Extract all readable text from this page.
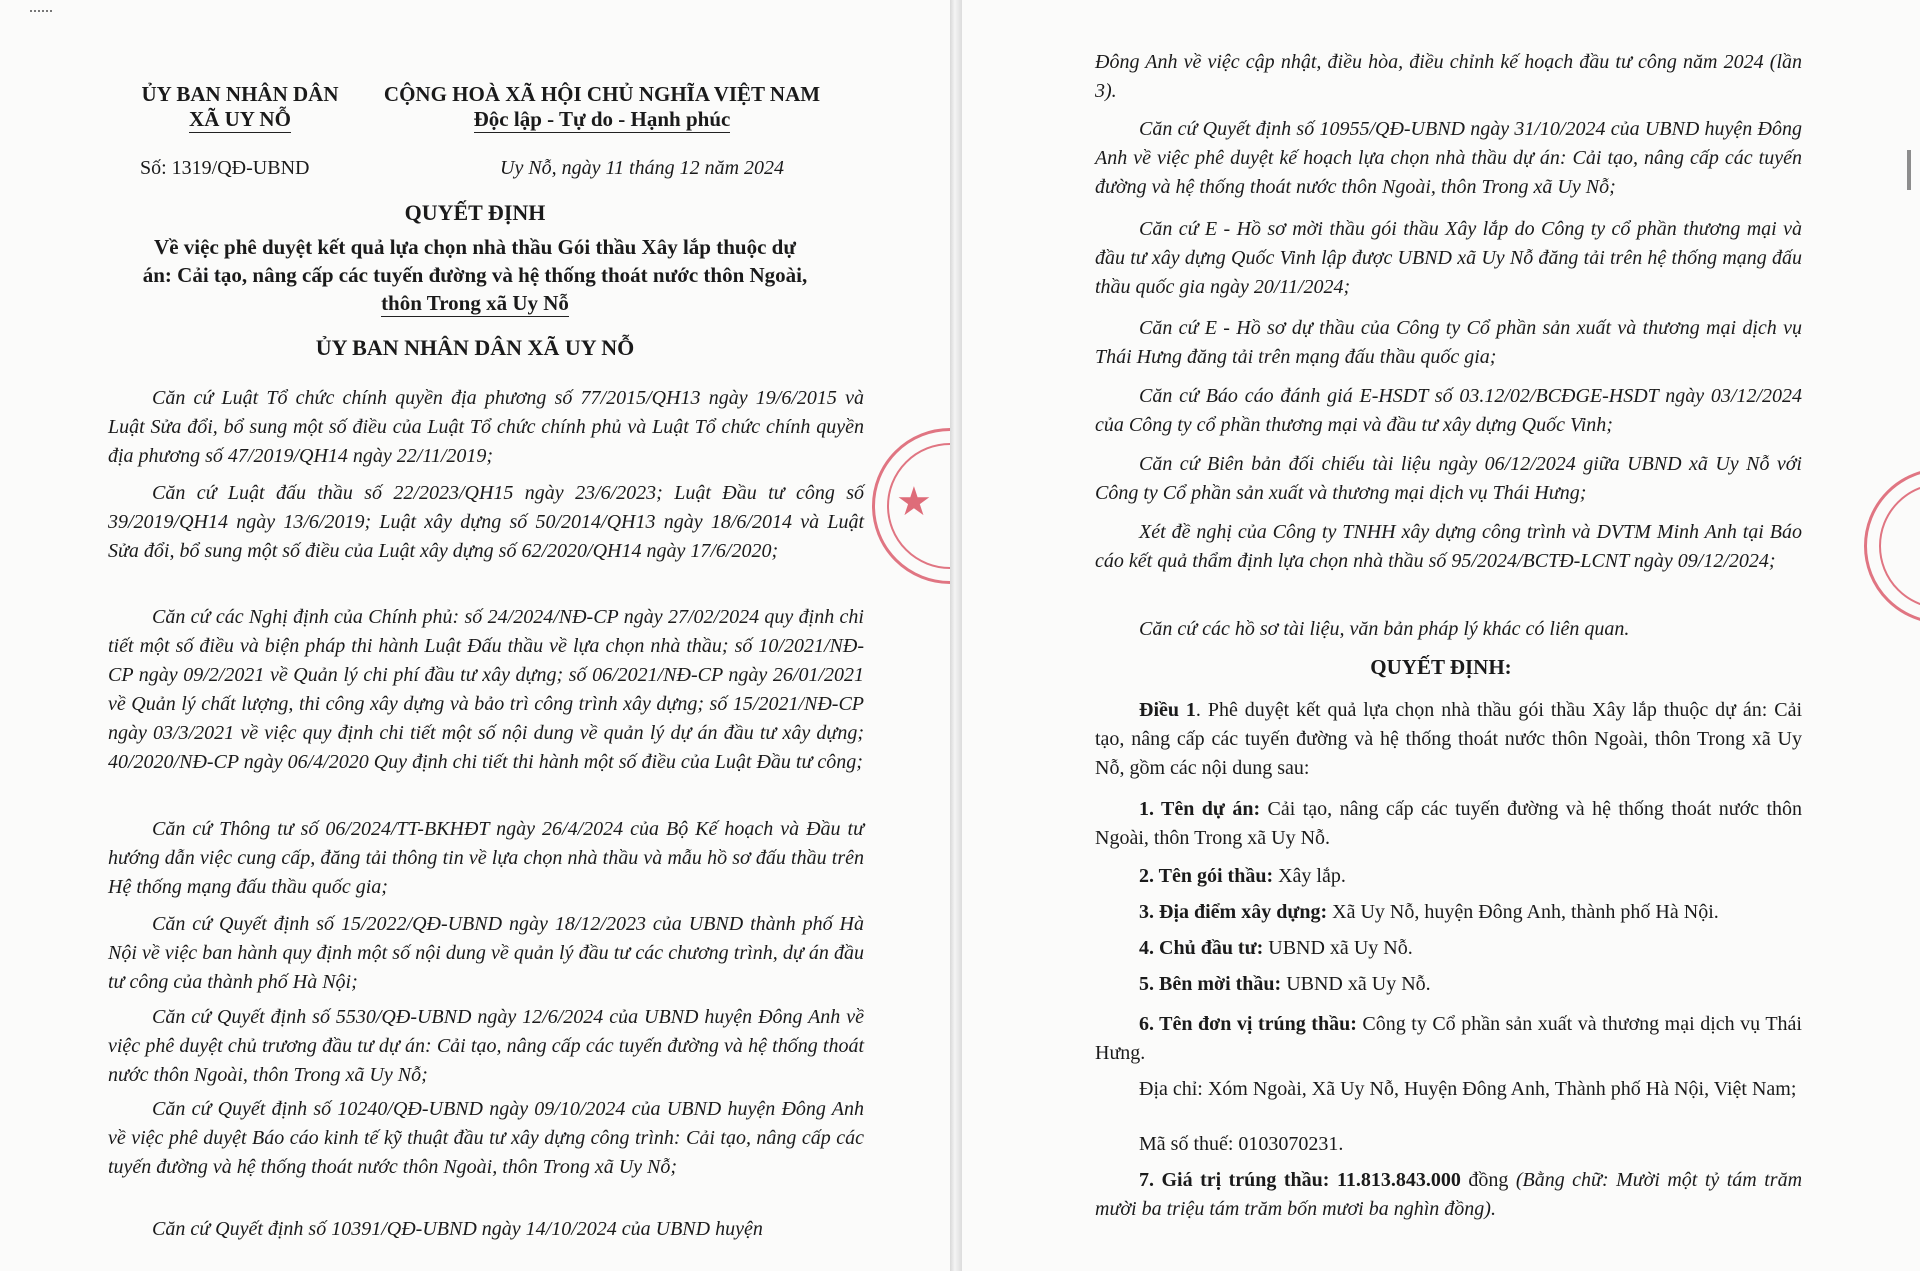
ỦY BAN NHÂN DÂN
XÃ UY NỖ
CỘNG HOÀ XÃ HỘI CHỦ NGHĨA VIỆT NAM
Độc lập - Tự do - Hạnh phúc
Số: 1319/QĐ-UBND	Uy Nỗ, ngày 11 tháng 12 năm 2024
QUYẾT ĐỊNH
Về việc phê duyệt kết quả lựa chọn nhà thầu Gói thầu Xây lắp thuộc dự
án: Cải tạo, nâng cấp các tuyến đường và hệ thống thoát nước thôn Ngoài,
thôn Trong xã Uy Nỗ
ỦY BAN NHÂN DÂN XÃ UY NỖ
Căn cứ Luật Tổ chức chính quyền địa phương số 77/2015/QH13 ngày 19/6/2015 và Luật Sửa đổi, bổ sung một số điều của Luật Tổ chức chính phủ và Luật Tổ chức chính quyền địa phương số 47/2019/QH14 ngày 22/11/2019;
Căn cứ Luật đấu thầu số 22/2023/QH15 ngày 23/6/2023; Luật Đầu tư công số 39/2019/QH14 ngày 13/6/2019; Luật xây dựng số 50/2014/QH13 ngày 18/6/2014 và Luật Sửa đổi, bổ sung một số điều của Luật xây dựng số 62/2020/QH14 ngày 17/6/2020;
Căn cứ các Nghị định của Chính phủ: số 24/2024/NĐ-CP ngày 27/02/2024 quy định chi tiết một số điều và biện pháp thi hành Luật Đấu thầu về lựa chọn nhà thầu; số 10/2021/NĐ-CP ngày 09/2/2021 về Quản lý chi phí đầu tư xây dựng; số 06/2021/NĐ-CP ngày 26/01/2021 về Quản lý chất lượng, thi công xây dựng và bảo trì công trình xây dựng; số 15/2021/NĐ-CP ngày 03/3/2021 về việc quy định chi tiết một số nội dung về quản lý dự án đầu tư xây dựng; 40/2020/NĐ-CP ngày 06/4/2020 Quy định chi tiết thi hành một số điều của Luật Đầu tư công;
Căn cứ Thông tư số 06/2024/TT-BKHĐT ngày 26/4/2024 của Bộ Kế hoạch và Đầu tư hướng dẫn việc cung cấp, đăng tải thông tin về lựa chọn nhà thầu và mẫu hồ sơ đấu thầu trên Hệ thống mạng đấu thầu quốc gia;
Căn cứ Quyết định số 15/2022/QĐ-UBND ngày 18/12/2023 của UBND thành phố Hà Nội về việc ban hành quy định một số nội dung về quản lý đầu tư các chương trình, dự án đầu tư công của thành phố Hà Nội;
Căn cứ Quyết định số 5530/QĐ-UBND ngày 12/6/2024 của UBND huyện Đông Anh về việc phê duyệt chủ trương đầu tư dự án: Cải tạo, nâng cấp các tuyến đường và hệ thống thoát nước thôn Ngoài, thôn Trong xã Uy Nỗ;
Căn cứ Quyết định số 10240/QĐ-UBND ngày 09/10/2024 của UBND huyện Đông Anh về việc phê duyệt Báo cáo kinh tế kỹ thuật đầu tư xây dựng công trình: Cải tạo, nâng cấp các tuyến đường và hệ thống thoát nước thôn Ngoài, thôn Trong xã Uy Nỗ;
Căn cứ Quyết định số 10391/QĐ-UBND ngày 14/10/2024 của UBND huyện
★
Đông Anh về việc cập nhật, điều hòa, điều chỉnh kế hoạch đầu tư công năm 2024 (lần 3).
Căn cứ Quyết định số 10955/QĐ-UBND ngày 31/10/2024 của UBND huyện Đông Anh về việc phê duyệt kế hoạch lựa chọn nhà thầu dự án: Cải tạo, nâng cấp các tuyến đường và hệ thống thoát nước thôn Ngoài, thôn Trong xã Uy Nỗ;
Căn cứ E - Hồ sơ mời thầu gói thầu Xây lắp do Công ty cổ phần thương mại và đầu tư xây dựng Quốc Vinh lập được UBND xã Uy Nỗ đăng tải trên hệ thống mạng đấu thầu quốc gia ngày 20/11/2024;
Căn cứ E - Hồ sơ dự thầu của Công ty Cổ phần sản xuất và thương mại dịch vụ Thái Hưng đăng tải trên mạng đấu thầu quốc gia;
Căn cứ Báo cáo đánh giá E-HSDT số 03.12/02/BCĐGE-HSDT ngày 03/12/2024 của Công ty cổ phần thương mại và đầu tư xây dựng Quốc Vinh;
Căn cứ Biên bản đối chiếu tài liệu ngày 06/12/2024 giữa UBND xã Uy Nỗ với Công ty Cổ phần sản xuất và thương mại dịch vụ Thái Hưng;
Xét đề nghị của Công ty TNHH xây dựng công trình và DVTM Minh Anh tại Báo cáo kết quả thẩm định lựa chọn nhà thầu số 95/2024/BCTĐ-LCNT ngày 09/12/2024;
Căn cứ các hồ sơ tài liệu, văn bản pháp lý khác có liên quan.
QUYẾT ĐỊNH:
Điều 1. Phê duyệt kết quả lựa chọn nhà thầu gói thầu Xây lắp thuộc dự án: Cải tạo, nâng cấp các tuyến đường và hệ thống thoát nước thôn Ngoài, thôn Trong xã Uy Nỗ, gồm các nội dung sau:
1. Tên dự án: Cải tạo, nâng cấp các tuyến đường và hệ thống thoát nước thôn Ngoài, thôn Trong xã Uy Nỗ.
2. Tên gói thầu: Xây lắp.
3. Địa điểm xây dựng: Xã Uy Nỗ, huyện Đông Anh, thành phố Hà Nội.
4. Chủ đầu tư: UBND xã Uy Nỗ.
5. Bên mời thầu: UBND xã Uy Nỗ.
6. Tên đơn vị trúng thầu: Công ty Cổ phần sản xuất và thương mại dịch vụ Thái Hưng.
Địa chỉ: Xóm Ngoài, Xã Uy Nỗ, Huyện Đông Anh, Thành phố Hà Nội, Việt Nam;
Mã số thuế: 0103070231.
7. Giá trị trúng thầu: 11.813.843.000 đồng (Bằng chữ: Mười một tỷ tám trăm mười ba triệu tám trăm bốn mươi ba nghìn đồng).
